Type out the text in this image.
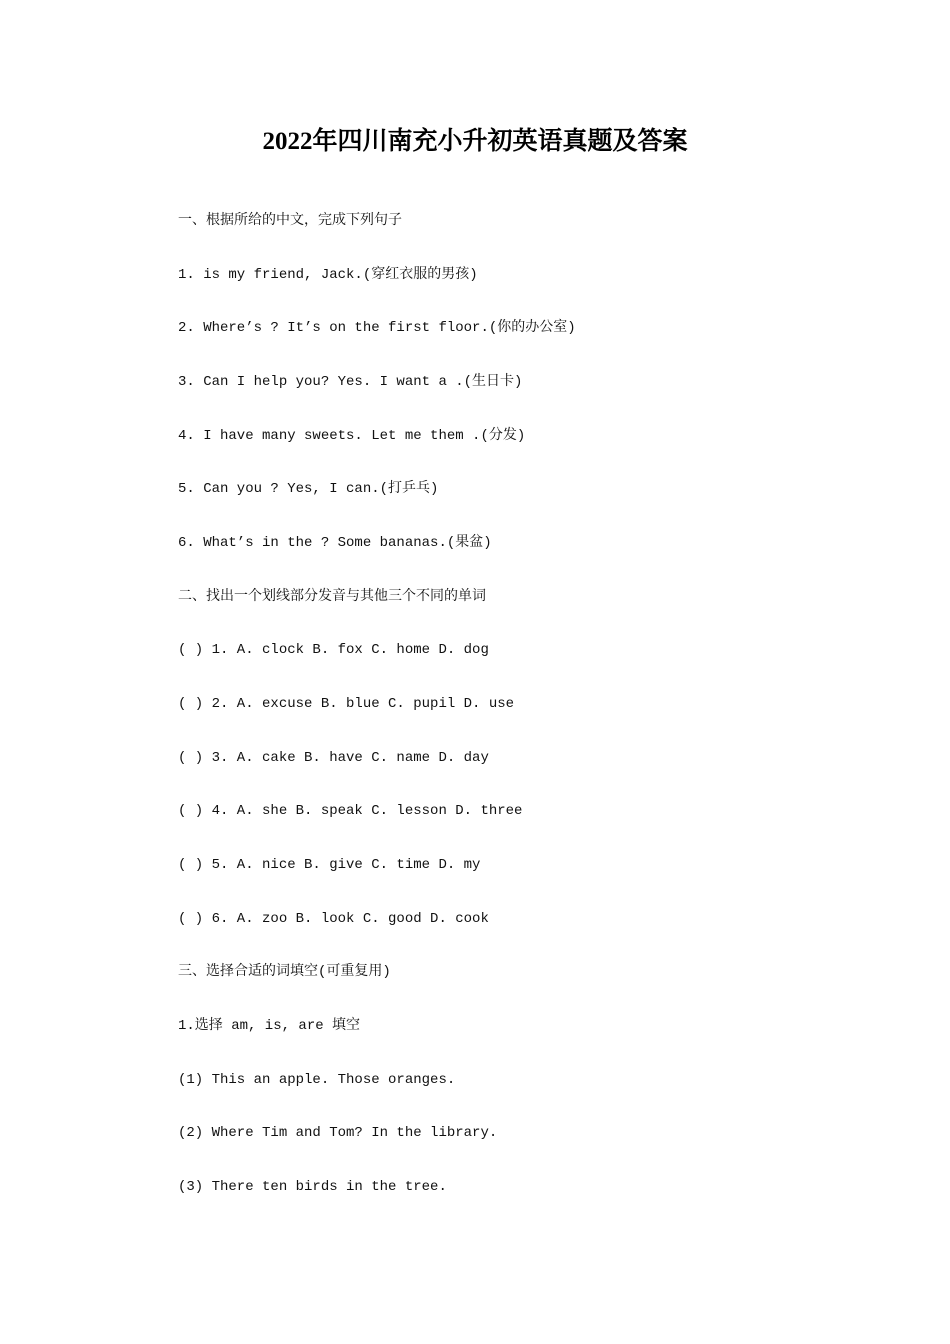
2022年四川南充小升初英语真题及答案

一、根据所给的中文，完成下列句子

1. is my friend, Jack.(穿红衣服的男孩)

2. Where’s ? It’s on the first floor.(你的办公室)

3. Can I help you? Yes. I want a .(生日卡)

4. I have many sweets. Let me them .(分发)

5. Can you ? Yes, I can.(打乒乓)

6. What’s in the ? Some bananas.(果盆)

二、找出一个划线部分发音与其他三个不同的单词

( ) 1. A. clock B. fox C. home D. dog

( ) 2. A. excuse B. blue C. pupil D. use

( ) 3. A. cake B. have C. name D. day

( ) 4. A. she B. speak C. lesson D. three

( ) 5. A. nice B. give C. time D. my

( ) 6. A. zoo B. look C. good D. cook

三、选择合适的词填空(可重复用)

1.选择 am, is, are 填空

(1) This an apple. Those oranges.

(2) Where Tim and Tom? In the library.

(3) There ten birds in the tree.
